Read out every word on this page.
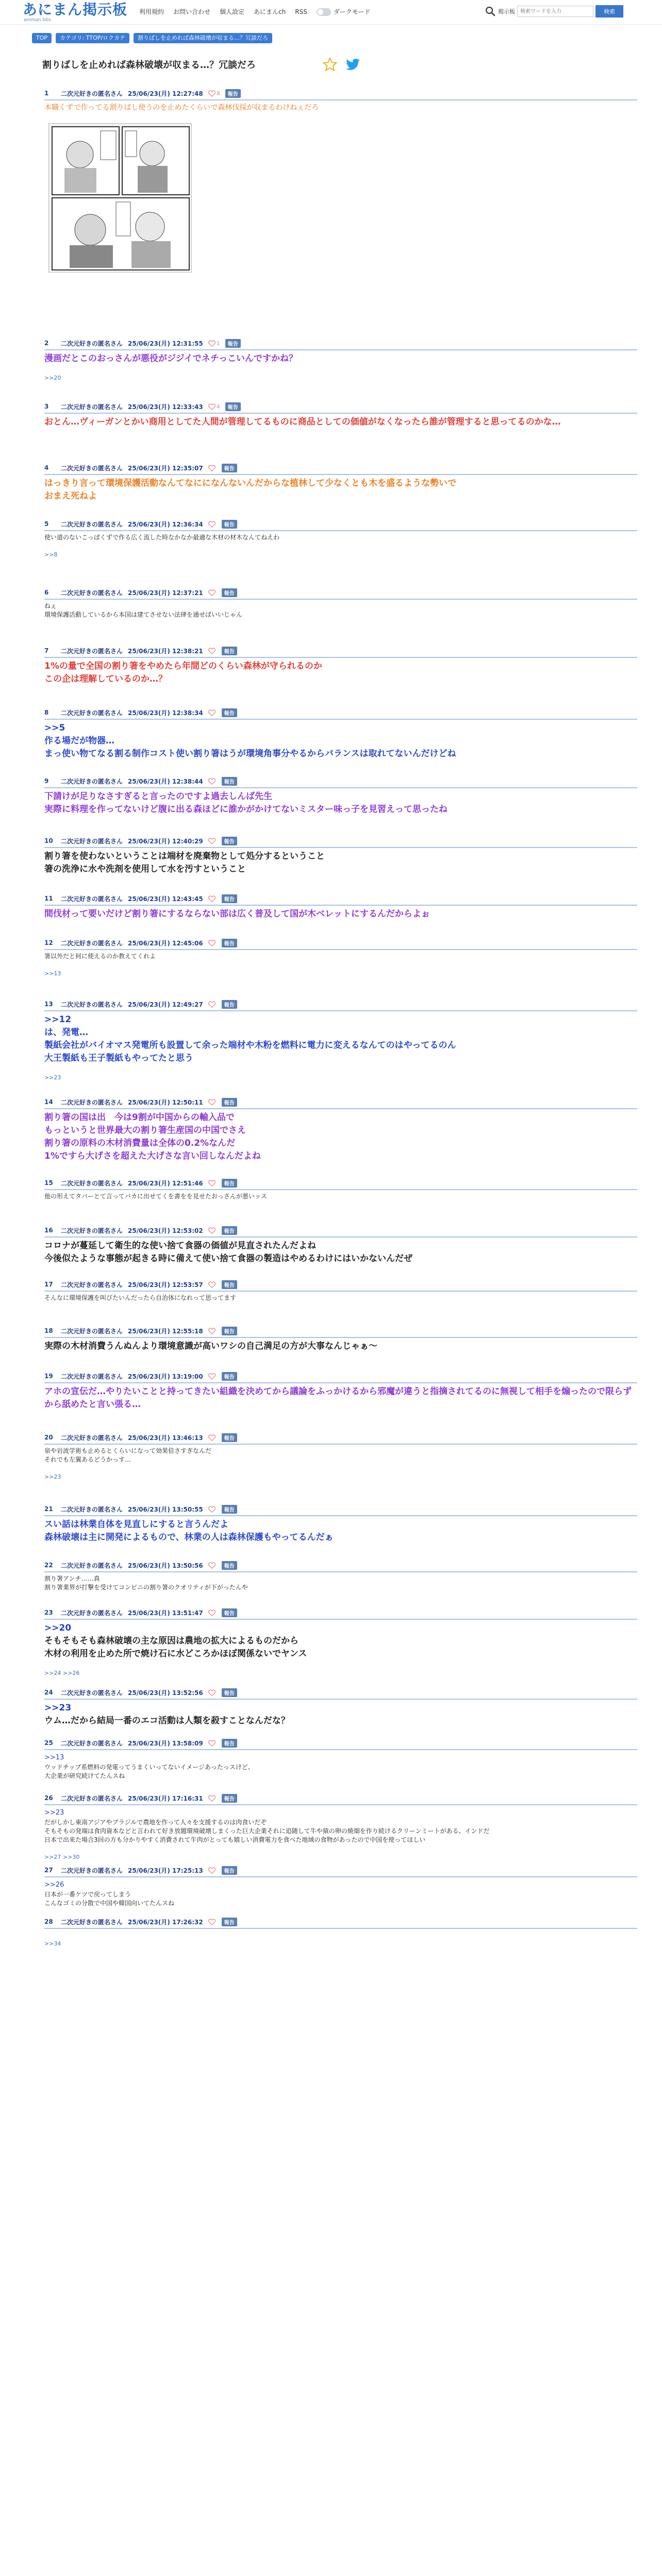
あにまん掲示板
animan bbs
利用規約 お問い合わせ 個人設定 あにまんch RSS	ダークモード	掲示板
検索ワードを入力	検索
TOP	カテゴリ: TTOP/ロクカテ	割りばしを止めれば森林破壊が収まる…？冗談だろ
割りばしを止めれば森林破壊が収まる…？冗談だろ
1	二次元好きの匿名さん 25/06/23(月) 12:27:48 8	報告
本職くずで作ってる割りばし使うのを止めたくらいで森林伐採が収まるわけねぇだろ
2	二次元好きの匿名さん 25/06/23(月) 12:31:55 1	報告
漫画だとこのおっさんが悪役がジジイでネチっこいんですかね？
>>20
3	二次元好きの匿名さん 25/06/23(月) 12:33:43 4	報告
おとん…ヴィーガンとかい商用としてた人間が管理してるものに商品としての価値がなくなったら誰が管理すると思ってるのかな…
4	二次元好きの匿名さん 25/06/23(月) 12:35:07	報告
はっきり言って環境保護活動なんてなにになんないんだからな植林して少なくとも木を盛るような勢いで
おまえ死ねよ
5	二次元好きの匿名さん 25/06/23(月) 12:36:34	報告
使い道のないこっぱくずで作る広く流した時なかなか最適な木材の材木なんてねえわ
>>8
6	二次元好きの匿名さん 25/06/23(月) 12:37:21	報告
ねぇ
環境保護活動しているから本国は建てさせない法律を通せばいいじゃん
7	二次元好きの匿名さん 25/06/23(月) 12:38:21	報告
1%の量で全国の割り箸をやめたら年間どのくらい森林が守られるのか
この企は理解しているのか…？
8	二次元好きの匿名さん 25/06/23(月) 12:38:34	報告
>>5
作る場だが物器…
まっ使い物てなる割る制作コスト使い割り箸はうが環境角事分やるからバランスは取れてないんだけどね
9	二次元好きの匿名さん 25/06/23(月) 12:38:44	報告
下請けが足りなさすぎると言ったのですよ過去しんば先生
実際に料理を作ってないけど腹に出る森ほどに誰かがかけてないミスター味っ子を見習えって思ったね
10	二次元好きの匿名さん 25/06/23(月) 12:40:29	報告
割り箸を使わないということは端材を廃棄物として処分するということ
箸の洗浄に水や洗剤を使用して水を汚すということ
11	二次元好きの匿名さん 25/06/23(月) 12:43:45	報告
間伐材って要いだけど割り箸にするならない部は広く普及して国が木ベレットにするんだからよぉ
12	二次元好きの匿名さん 25/06/23(月) 12:45:06	報告
箸以外だと何に使えるのか教えてくれよ
>>13
13	二次元好きの匿名さん 25/06/23(月) 12:49:27	報告
>>12
は、発電…
製紙会社がバイオマス発電所も設置して余った端材や木粉を燃料に電力に変えるなんてのはやってるのん
大王製紙も王子製紙もやってたと思う
>>23
14	二次元好きの匿名さん 25/06/23(月) 12:50:11	報告
割り箸の国は出　今は9割が中国からの輸入品で
もっというと世界最大の割り箸生産国の中国でさえ
割り箸の原料の木材消費量は全体の0.2%なんだ
1%ですら大げさを超えた大げさな言い回しなんだよね
15	二次元好きの匿名さん 25/06/23(月) 12:51:46	報告
他の形えてタバーとて言ってバカに出せてくを書をを見せたおっさんが悪いッス
16	二次元好きの匿名さん 25/06/23(月) 12:53:02	報告
コロナが蔓延して衛生的な使い捨て食器の価値が見直されたんだよね
今後似たような事態が起きる時に備えて使い捨て食器の製造はやめるわけにはいかないんだぜ
17	二次元好きの匿名さん 25/06/23(月) 12:53:57	報告
そんなに環境保護を叫びたいんだったら自治体になれって思ってます
18	二次元好きの匿名さん 25/06/23(月) 12:55:18	報告
実際の木材消費うんぬんより環境意識が高いワシの自己満足の方が大事なんじゃぁ～
19	二次元好きの匿名さん 25/06/23(月) 13:19:00	報告
アホの宣伝だ…やりたいことと持ってきたい組織を決めてから議論をふっかけるから邪魔が違うと指摘されてるのに無視して相手を煽ったので限らずから舐めたと言い張る…
20	二次元好きの匿名さん 25/06/23(月) 13:46:13	報告
泉や岩波学術も止めるとくらいになって効果倍さすぎなんだ
それでも左翼あるどうかっす…
>>23
21	二次元好きの匿名さん 25/06/23(月) 13:50:55	報告
スい話は林業自体を見直しにすると言うんだよ
森林破壊は主に開発によるもので、林業の人は森林保護もやってるんだぁ
22	二次元好きの匿名さん 25/06/23(月) 13:50:56	報告
割り箸アンチ……真
割り箸業界が打撃を受けてコンビニの割り箸のクオリティが下がったんや
23	二次元好きの匿名さん 25/06/23(月) 13:51:47	報告
>>20
そもそもそも森林破壊の主な原因は農地の拡大によるものだから
木材の利用を止めた所で焼け石に水どころかほぼ関係ないでヤンス
>>24 >>26
24	二次元好きの匿名さん 25/06/23(月) 13:52:56	報告
>>23
ウム…だから結局一番のエコ活動は人類を殺すことなんだな？
25	二次元好きの匿名さん 25/06/23(月) 13:58:09	報告
>>13
ウッドチップ系燃料の発電ってうまくいってないイメージあったっスけど、
大企業が研究続けてたんスね
26	二次元好きの匿名さん 25/06/23(月) 17:16:31	報告
>>23
だがしかし東南アジアやブラジルで農地を作って人々を支援するのは肉食いだぞ
そもそもの発端は食肉資本などと言われて好き放題環境破壊しまくった巨大企業それに追随して牛や猿の卵の焼畑を作り続けるクリーンミートがある、インドだ
日本で出来た場合3回の方も分かりやすく消費されて牛肉がとっても嬉しい消費電力を食べた地域の食物があったので中国を使ってほしい
>>27 >>30
27	二次元好きの匿名さん 25/06/23(月) 17:25:13	報告
>>26
日本が一番ケツで戻ってしまう
こんなゴミの分散で中国や韓国向いてたんスね
28	二次元好きの匿名さん 25/06/23(月) 17:26:32	報告
>>34
